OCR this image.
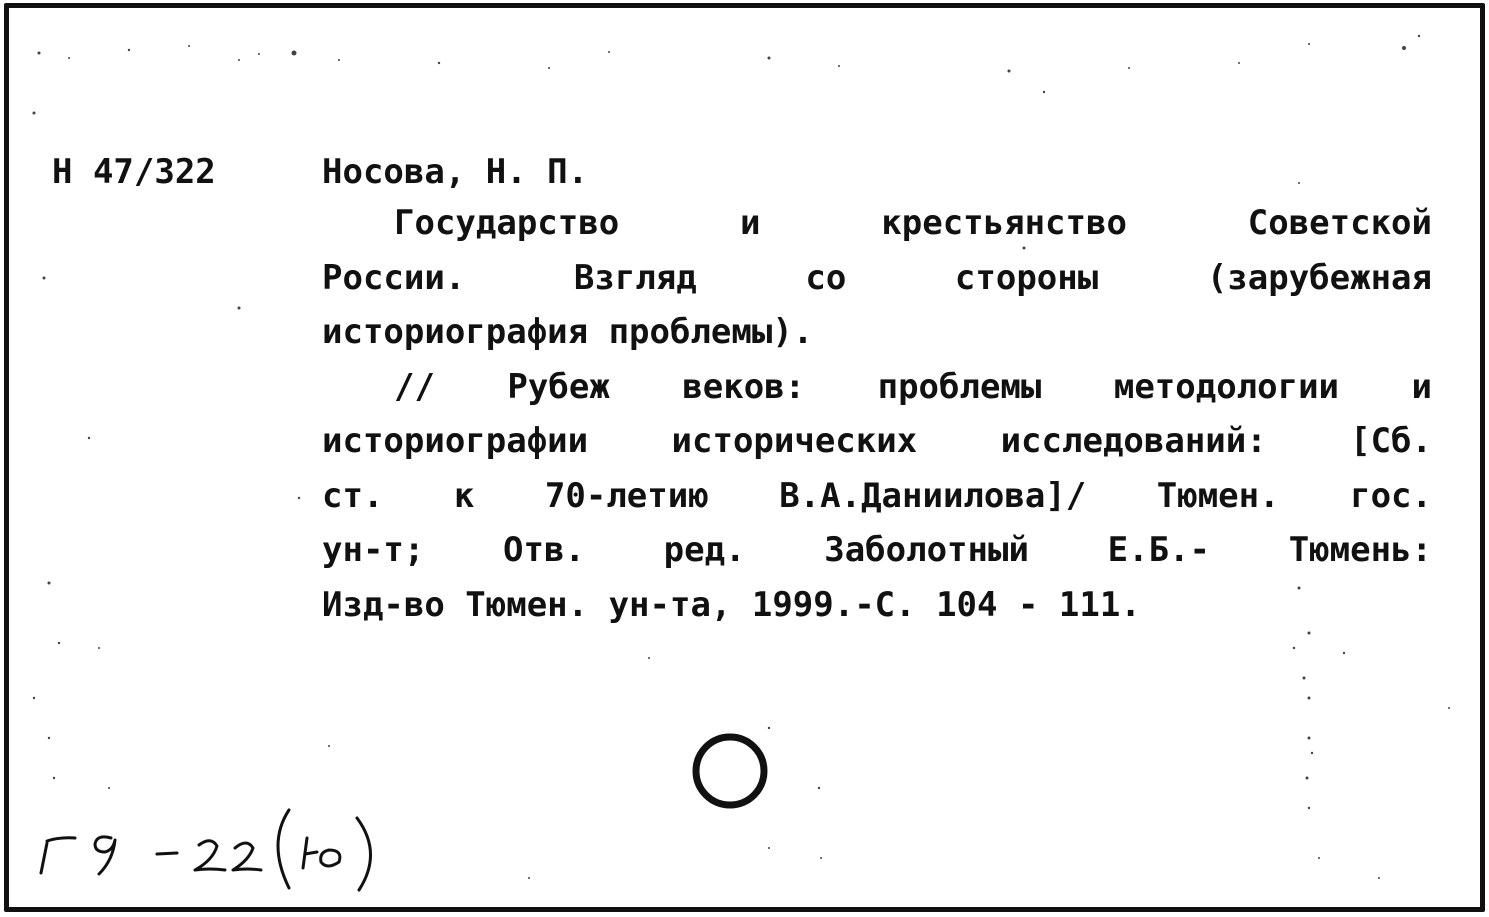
Н 47/322	Носова, Н. П.
Государство и крестьянство Советской
России. Взгляд со стороны (зарубежная
историография проблемы).
// Рубеж веков: проблемы методологии и
историографии исторических исследований: [Сб.
ст. к 70-летию В.А.Даниилова]/ Тюмен. гос.
ун-т; Отв. ред. Заболотный Е.Б.- Тюмень:
Изд-во Тюмен. ун-та, 1999.-С. 104 - 111.
